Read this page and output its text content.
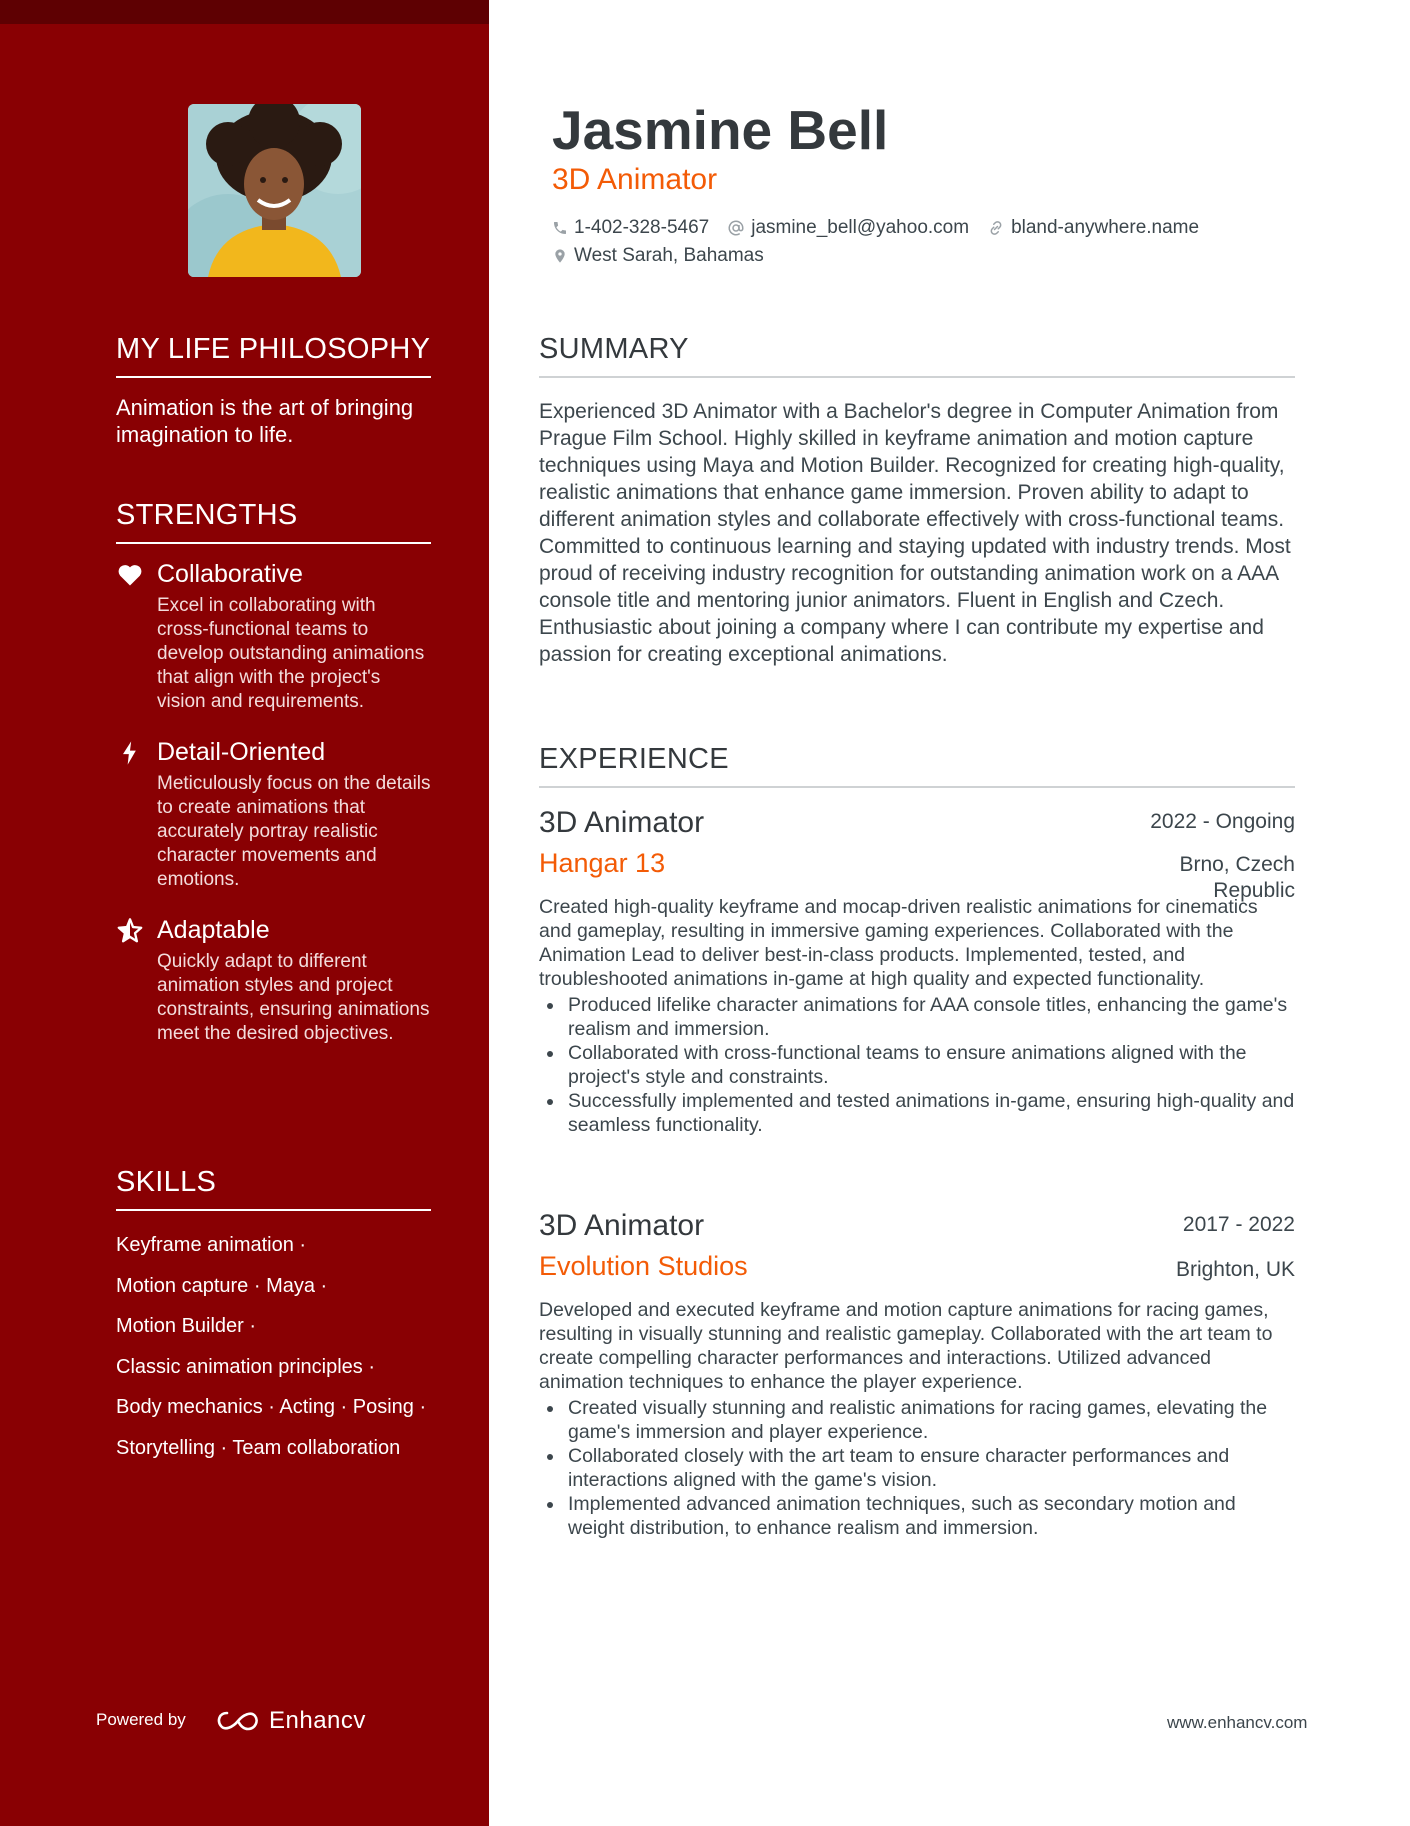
MY LIFE PHILOSOPHY
Animation is the art of bringing imagination to life.
STRENGTHS
Collaborative
Excel in collaborating with cross-functional teams to develop outstanding animations that align with the project's vision and requirements.
Detail-Oriented
Meticulously focus on the details to create animations that accurately portray realistic character movements and emotions.
Adaptable
Quickly adapt to different animation styles and project constraints, ensuring animations meet the desired objectives.
SKILLS
Keyframe animation ·
Motion capture · Maya ·
Motion Builder ·
Classic animation principles ·
Body mechanics · Acting · Posing ·
Storytelling · Team collaboration
Powered by	Enhancv
Jasmine Bell
3D Animator
1-402-328-5467 jasmine_bell@yahoo.com bland-anywhere.name
West Sarah, Bahamas
SUMMARY
Experienced 3D Animator with a Bachelor's degree in Computer Animation from Prague Film School. Highly skilled in keyframe animation and motion capture techniques using Maya and Motion Builder. Recognized for creating high-quality, realistic animations that enhance game immersion. Proven ability to adapt to different animation styles and collaborate effectively with cross-functional teams. Committed to continuous learning and staying updated with industry trends. Most proud of receiving industry recognition for outstanding animation work on a AAA console title and mentoring junior animators. Fluent in English and Czech. Enthusiastic about joining a company where I can contribute my expertise and passion for creating exceptional animations.
EXPERIENCE
3D Animator	2022 - Ongoing
Hangar 13	Brno, Czech
Republic
Created high-quality keyframe and mocap-driven realistic animations for cinematics and gameplay, resulting in immersive gaming experiences. Collaborated with the Animation Lead to deliver best-in-class products. Implemented, tested, and troubleshooted animations in-game at high quality and expected functionality.
Produced lifelike character animations for AAA console titles, enhancing the game's realism and immersion.
Collaborated with cross-functional teams to ensure animations aligned with the project's style and constraints.
Successfully implemented and tested animations in-game, ensuring high-quality and seamless functionality.
3D Animator	2017 - 2022
Evolution Studios	Brighton, UK
Developed and executed keyframe and motion capture animations for racing games, resulting in visually stunning and realistic gameplay. Collaborated with the art team to create compelling character performances and interactions. Utilized advanced animation techniques to enhance the player experience.
Created visually stunning and realistic animations for racing games, elevating the game's immersion and player experience.
Collaborated closely with the art team to ensure character performances and interactions aligned with the game's vision.
Implemented advanced animation techniques, such as secondary motion and weight distribution, to enhance realism and immersion.
www.enhancv.com
